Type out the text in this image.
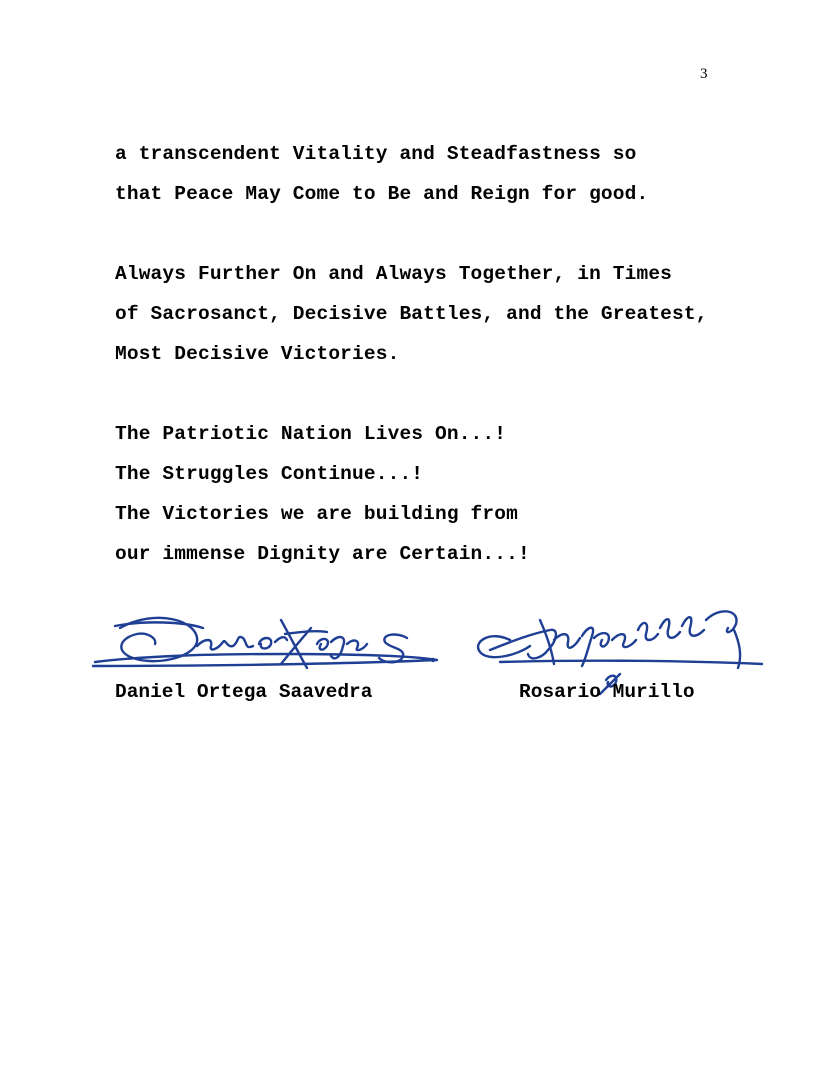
3

a transcendent Vitality and Steadfastness so
that Peace May Come to Be and Reign for good.

Always Further On and Always Together, in Times
of Sacrosanct, Decisive Battles, and the Greatest,
Most Decisive Victories.

The Patriotic Nation Lives On...!
The Struggles Continue...!
The Victories we are building from
our immense Dignity are Certain...!

Daniel Ortega Saavedra	Rosario Murillo
